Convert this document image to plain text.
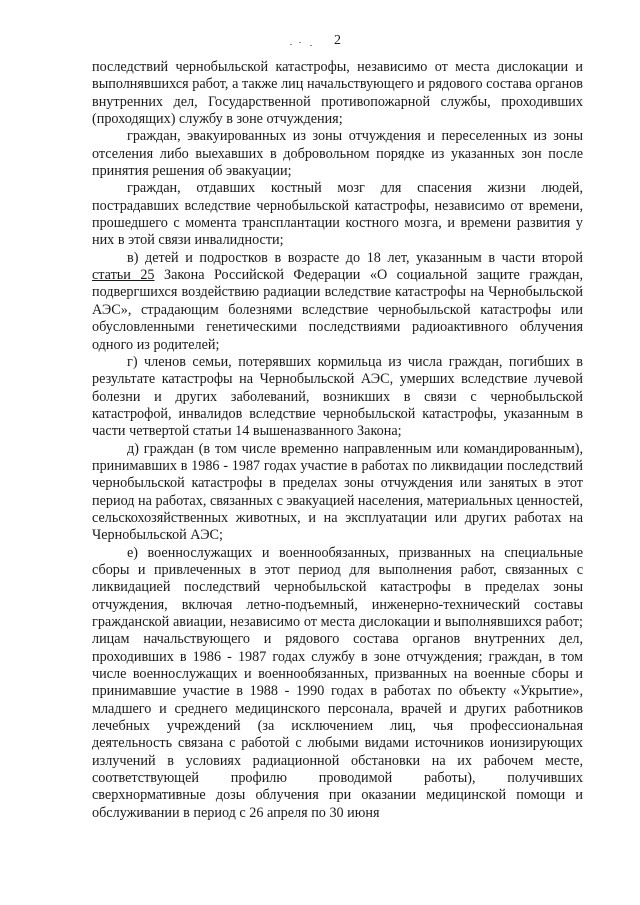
2

последствий чернобыльской катастрофы, независимо от места дислокации и выполнявшихся работ, а также лиц начальствующего и рядового состава органов внутренних дел, Государственной противопожарной службы, проходивших (проходящих) службу в зоне отчуждения;

граждан, эвакуированных из зоны отчуждения и переселенных из зоны отселения либо выехавших в добровольном порядке из указанных зон после принятия решения об эвакуации;

граждан, отдавших костный мозг для спасения жизни людей, пострадавших вследствие чернобыльской катастрофы, независимо от времени, прошедшего с момента трансплантации костного мозга, и времени развития у них в этой связи инвалидности;

в) детей и подростков в возрасте до 18 лет, указанным в части второй статьи 25 Закона Российской Федерации «О социальной защите граждан, подвергшихся воздействию радиации вследствие катастрофы на Чернобыльской АЭС», страдающим болезнями вследствие чернобыльской катастрофы или обусловленными генетическими последствиями радиоактивного облучения одного из родителей;

г) членов семьи, потерявших кормильца из числа граждан, погибших в результате катастрофы на Чернобыльской АЭС, умерших вследствие лучевой болезни и других заболеваний, возникших в связи с чернобыльской катастрофой, инвалидов вследствие чернобыльской катастрофы, указанным в части четвертой статьи 14 вышеназванного Закона;

д) граждан (в том числе временно направленным или командированным), принимавших в 1986 - 1987 годах участие в работах по ликвидации последствий чернобыльской катастрофы в пределах зоны отчуждения или занятых в этот период на работах, связанных с эвакуацией населения, материальных ценностей, сельскохозяйственных животных, и на эксплуатации или других работах на Чернобыльской АЭС;

е) военнослужащих и военнообязанных, призванных на специальные сборы и привлеченных в этот период для выполнения работ, связанных с ликвидацией последствий чернобыльской катастрофы в пределах зоны отчуждения, включая летно-подъемный, инженерно-технический составы гражданской авиации, независимо от места дислокации и выполнявшихся работ; лицам начальствующего и рядового состава органов внутренних дел, проходивших в 1986 - 1987 годах службу в зоне отчуждения; граждан, в том числе военнослужащих и военнообязанных, призванных на военные сборы и принимавшие участие в 1988 - 1990 годах в работах по объекту «Укрытие», младшего и среднего медицинского персонала, врачей и других работников лечебных учреждений (за исключением лиц, чья профессиональная деятельность связана с работой с любыми видами источников ионизирующих излучений в условиях радиационной обстановки на их рабочем месте, соответствующей профилю проводимой работы), получивших сверхнормативные дозы облучения при оказании медицинской помощи и обслуживании в период с 26 апреля по 30 июня
